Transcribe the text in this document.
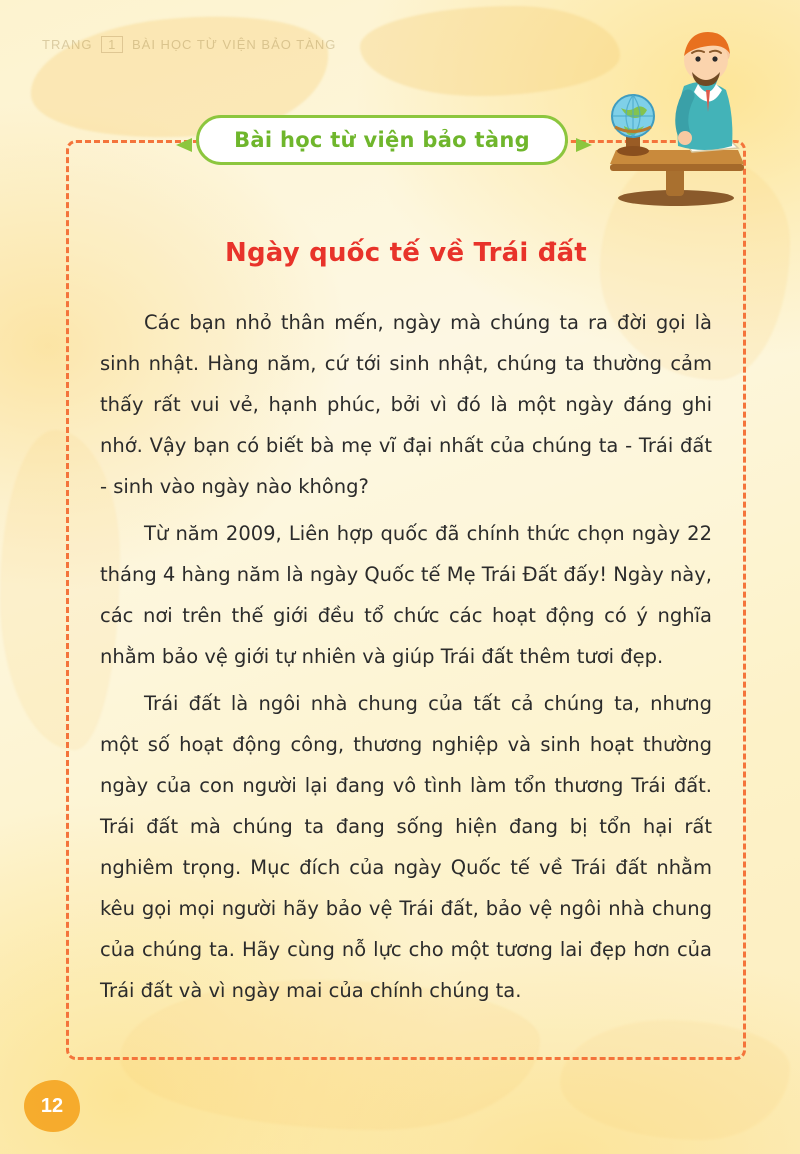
TRANG 1 BÀI HỌC TỪ VIỆN BẢO TÀNG
Bài học từ viện bảo tàng
Ngày quốc tế về Trái đất

Các bạn nhỏ thân mến, ngày mà chúng ta ra đời gọi là sinh nhật. Hàng năm, cứ tới sinh nhật, chúng ta thường cảm thấy rất vui vẻ, hạnh phúc, bởi vì đó là một ngày đáng ghi nhớ. Vậy bạn có biết bà mẹ vĩ đại nhất của chúng ta - Trái đất - sinh vào ngày nào không?

Từ năm 2009, Liên hợp quốc đã chính thức chọn ngày 22 tháng 4 hàng năm là ngày Quốc tế Mẹ Trái Đất đấy! Ngày này, các nơi trên thế giới đều tổ chức các hoạt động có ý nghĩa nhằm bảo vệ giới tự nhiên và giúp Trái đất thêm tươi đẹp.

Trái đất là ngôi nhà chung của tất cả chúng ta, nhưng một số hoạt động công, thương nghiệp và sinh hoạt thường ngày của con người lại đang vô tình làm tổn thương Trái đất. Trái đất mà chúng ta đang sống hiện đang bị tổn hại rất nghiêm trọng. Mục đích của ngày Quốc tế về Trái đất nhằm kêu gọi mọi người hãy bảo vệ Trái đất, bảo vệ ngôi nhà chung của chúng ta. Hãy cùng nỗ lực cho một tương lai đẹp hơn của Trái đất và vì ngày mai của chính chúng ta.

12
